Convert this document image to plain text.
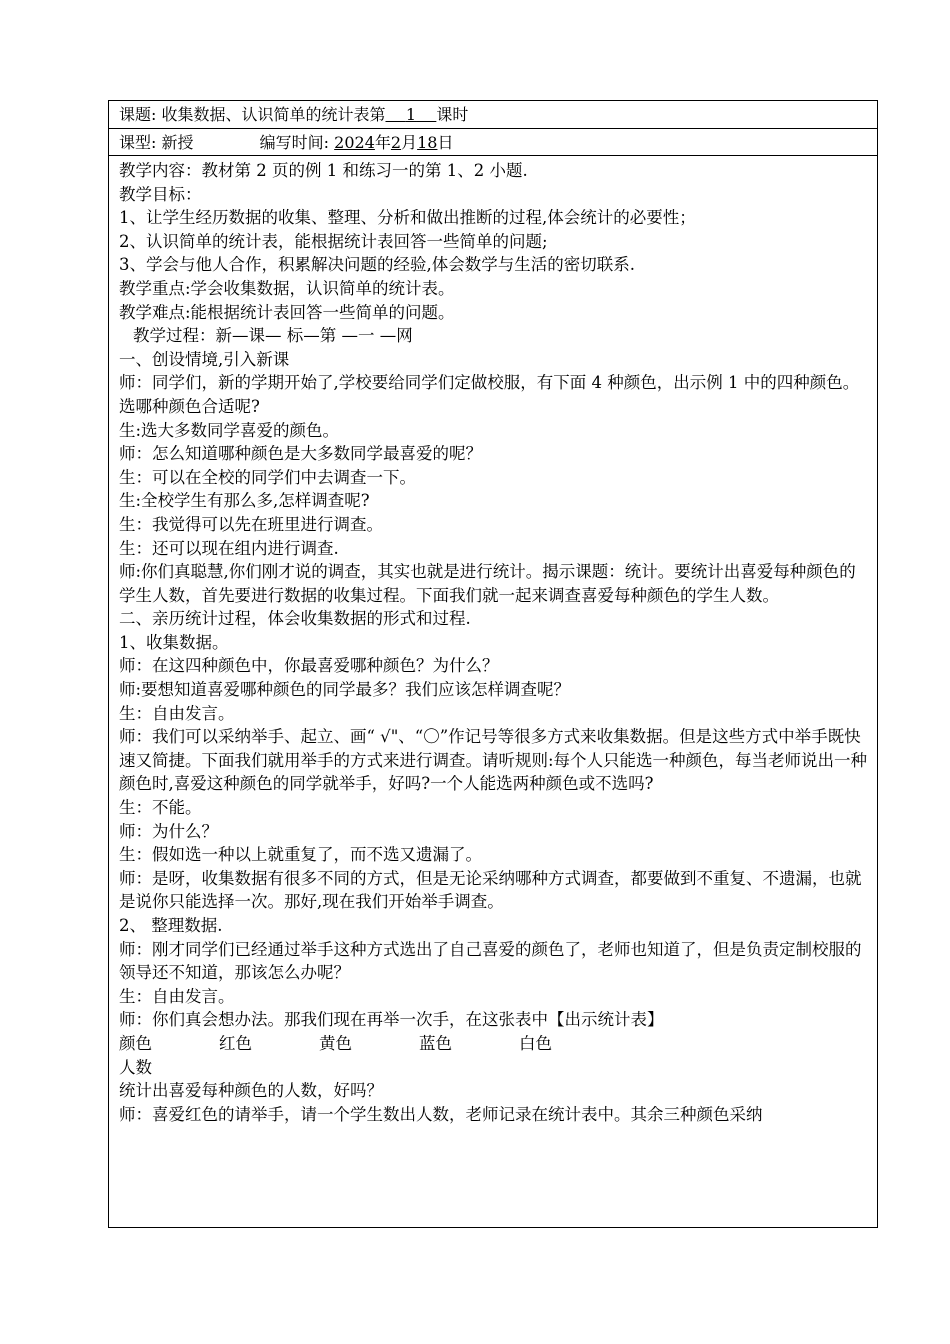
课题: 收集数据、认识简单的统计表第 1 课时
课型: 新授	编写时间: 2024年2月18日

教学内容：教材第 2 页的例 1 和练习一的第 1、2 小题.

教学目标：

1、让学生经历数据的收集、整理、分析和做出推断的过程,体会统计的必要性；

2、认识简单的统计表，能根据统计表回答一些简单的问题;

3、学会与他人合作，积累解决问题的经验,体会数学与生活的密切联系.

教学重点:学会收集数据，认识简单的统计表。

教学难点:能根据统计表回答一些简单的问题。

教学过程：新—课— 标—第 —一 —网

一、创设情境,引入新课

师：同学们，新的学期开始了,学校要给同学们定做校服，有下面 4 种颜色，出示例 1 中的四种颜色。选哪种颜色合适呢?

生:选大多数同学喜爱的颜色。

师：怎么知道哪种颜色是大多数同学最喜爱的呢？

生：可以在全校的同学们中去调查一下。

生:全校学生有那么多,怎样调查呢?

生：我觉得可以先在班里进行调查。

生：还可以现在组内进行调查.

师:你们真聪慧,你们刚才说的调查，其实也就是进行统计。揭示课题：统计。要统计出喜爱每种颜色的学生人数，首先要进行数据的收集过程。下面我们就一起来调查喜爱每种颜色的学生人数。

二、亲历统计过程，体会收集数据的形式和过程.

1、收集数据。

师：在这四种颜色中，你最喜爱哪种颜色？为什么？

师:要想知道喜爱哪种颜色的同学最多？我们应该怎样调查呢？

生：自由发言。

师：我们可以采纳举手、起立、画“ √"、“〇”作记号等很多方式来收集数据。但是这些方式中举手既快速又简捷。下面我们就用举手的方式来进行调查。请听规则:每个人只能选一种颜色，每当老师说出一种颜色时,喜爱这种颜色的同学就举手，好吗?一个人能选两种颜色或不选吗?

生：不能。

师：为什么？

生：假如选一种以上就重复了，而不选又遗漏了。

师：是呀，收集数据有很多不同的方式，但是无论采纳哪种方式调查，都要做到不重复、不遗漏，也就是说你只能选择一次。那好,现在我们开始举手调查。

2、 整理数据.

师：刚才同学们已经通过举手这种方式选出了自己喜爱的颜色了，老师也知道了，但是负责定制校服的领导还不知道，那该怎么办呢？

生：自由发言。

师：你们真会想办法。那我们现在再举一次手，在这张表中【出示统计表】

颜色	红色	黄色	蓝色	白色

人数

统计出喜爱每种颜色的人数，好吗？

师：喜爱红色的请举手，请一个学生数出人数，老师记录在统计表中。其余三种颜色采纳
